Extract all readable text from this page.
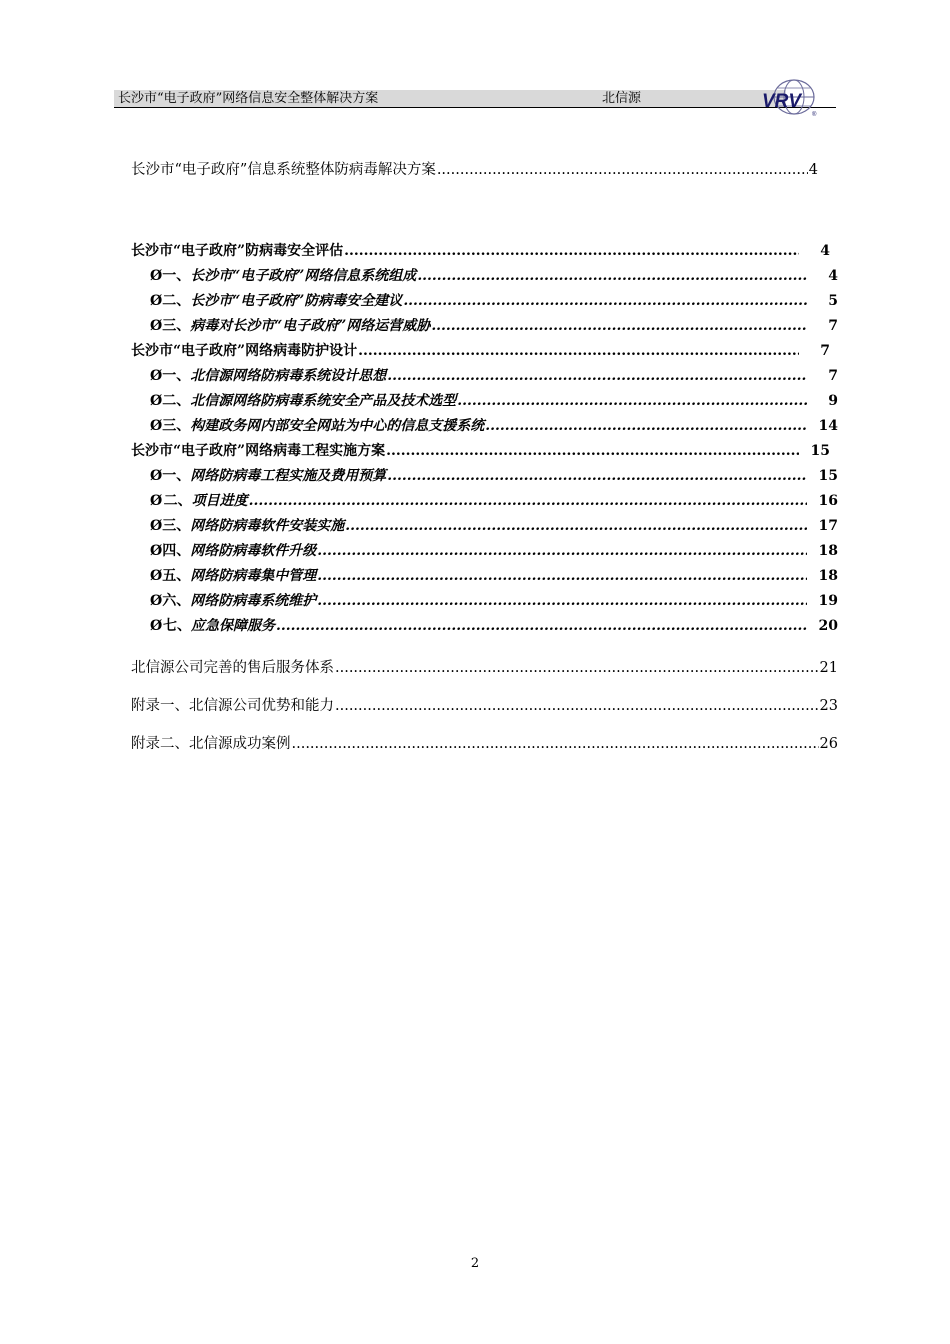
长沙市“电子政府”网络信息安全整体解决方案	北信源	VRV
®
长沙市“电子政府”信息系统整体防病毒解决方案 .....	4
长沙市“电子政府”防病毒安全评估 .....	4
Ø 一、 长沙市“电子政府”网络信息系统组成 .....	4
Ø 二、 长沙市“电子政府”防病毒安全建议 .....	5
Ø 三、 病毒对长沙市“电子政府”网络运营威胁 .....	7
长沙市“电子政府”网络病毒防护设计 .....	7
Ø 一、 北信源网络防病毒系统设计思想 .....	7
Ø 二、 北信源网络防病毒系统安全产品及技术选型 .....	9
Ø 三、 构建政务网内部安全网站为中心的信息支援系统 .....	14
长沙市“电子政府”网络病毒工程实施方案 .....	15
Ø 一、 网络防病毒工程实施及费用预算 .....	15
Ø 二、 项目进度 .....	16
Ø 三、 网络防病毒软件安装实施 .....	17
Ø 四、 网络防病毒软件升级 .....	18
Ø 五、 网络防病毒集中管理 .....	18
Ø 六、 网络防病毒系统维护 .....	19
Ø 七、 应急保障服务 .....	20
北信源公司完善的售后服务体系 .....	21
附录一、北信源公司优势和能力 .....	23
附录二、北信源成功案例 .....	26
2
